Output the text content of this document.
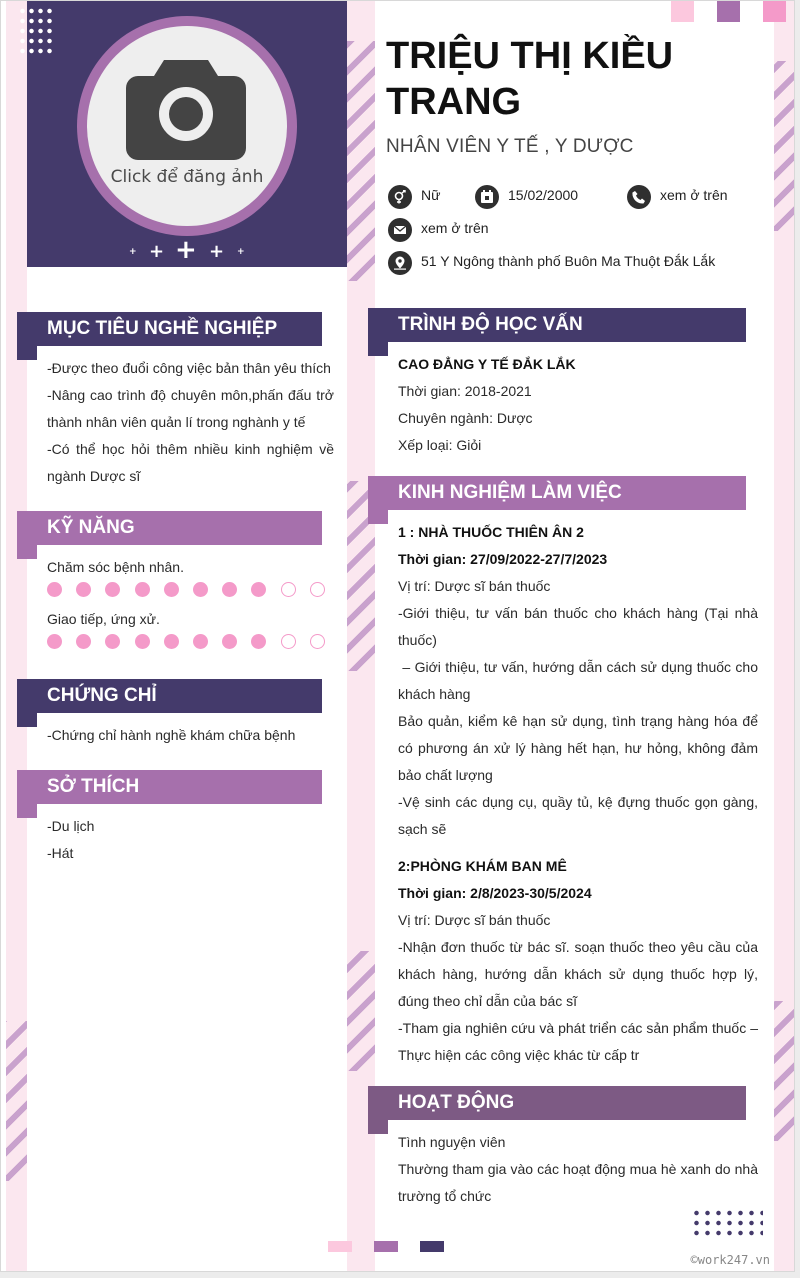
Click để đăng ảnh
+ + + + +
TRIỆU THỊ KIỀU TRANG
NHÂN VIÊN Y TẾ , Y DƯỢC
Nữ	15/02/2000	xem ở trên
xem ở trên
51 Y Ngông thành phố Buôn Ma Thuột Đắk Lắk
MỤC TIÊU NGHỀ NGHIỆP
-Được theo đuổi công việc bản thân yêu thích
-Nâng cao trình độ chuyên môn,phấn đấu trở thành nhân viên quản lí trong nghành y tế
-Có thể học hỏi thêm nhiều kinh nghiệm về ngành Dược sĩ
KỸ NĂNG
Chăm sóc bệnh nhân.
Giao tiếp, ứng xử.
CHỨNG CHỈ
-Chứng chỉ hành nghề khám chữa bệnh
SỞ THÍCH
-Du lịch
-Hát
TRÌNH ĐỘ HỌC VẤN
CAO ĐẲNG Y TẾ ĐẮK LẮK
Thời gian: 2018-2021
Chuyên ngành: Dược
Xếp loại: Giỏi
KINH NGHIỆM LÀM VIỆC
1 : NHÀ THUỐC THIÊN ÂN 2
Thời gian: 27/09/2022-27/7/2023
Vị trí: Dược sĩ bán thuốc
-Giới thiệu, tư vấn bán thuốc cho khách hàng (Tại nhà thuốc)
– Giới thiệu, tư vấn, hướng dẫn cách sử dụng thuốc cho khách hàng
Bảo quản, kiểm kê hạn sử dụng, tình trạng hàng hóa để có phương án xử lý hàng hết hạn, hư hỏng, không đảm bảo chất lượng
-Vệ sinh các dụng cụ, quầy tủ, kệ đựng thuốc gọn gàng, sạch sẽ
2:PHÒNG KHÁM BAN MÊ
Thời gian: 2/8/2023-30/5/2024
Vị trí: Dược sĩ bán thuốc
-Nhận đơn thuốc từ bác sĩ. soạn thuốc theo yêu cầu của khách hàng, hướng dẫn khách sử dụng thuốc hợp lý, đúng theo chỉ dẫn của bác sĩ
-Tham gia nghiên cứu và phát triển các sản phẩm thuốc – Thực hiện các công việc khác từ cấp tr
HOẠT ĐỘNG
Tình nguyện viên
Thường tham gia vào các hoạt động mua hè xanh do nhà trường tổ chức
©work247.vn
